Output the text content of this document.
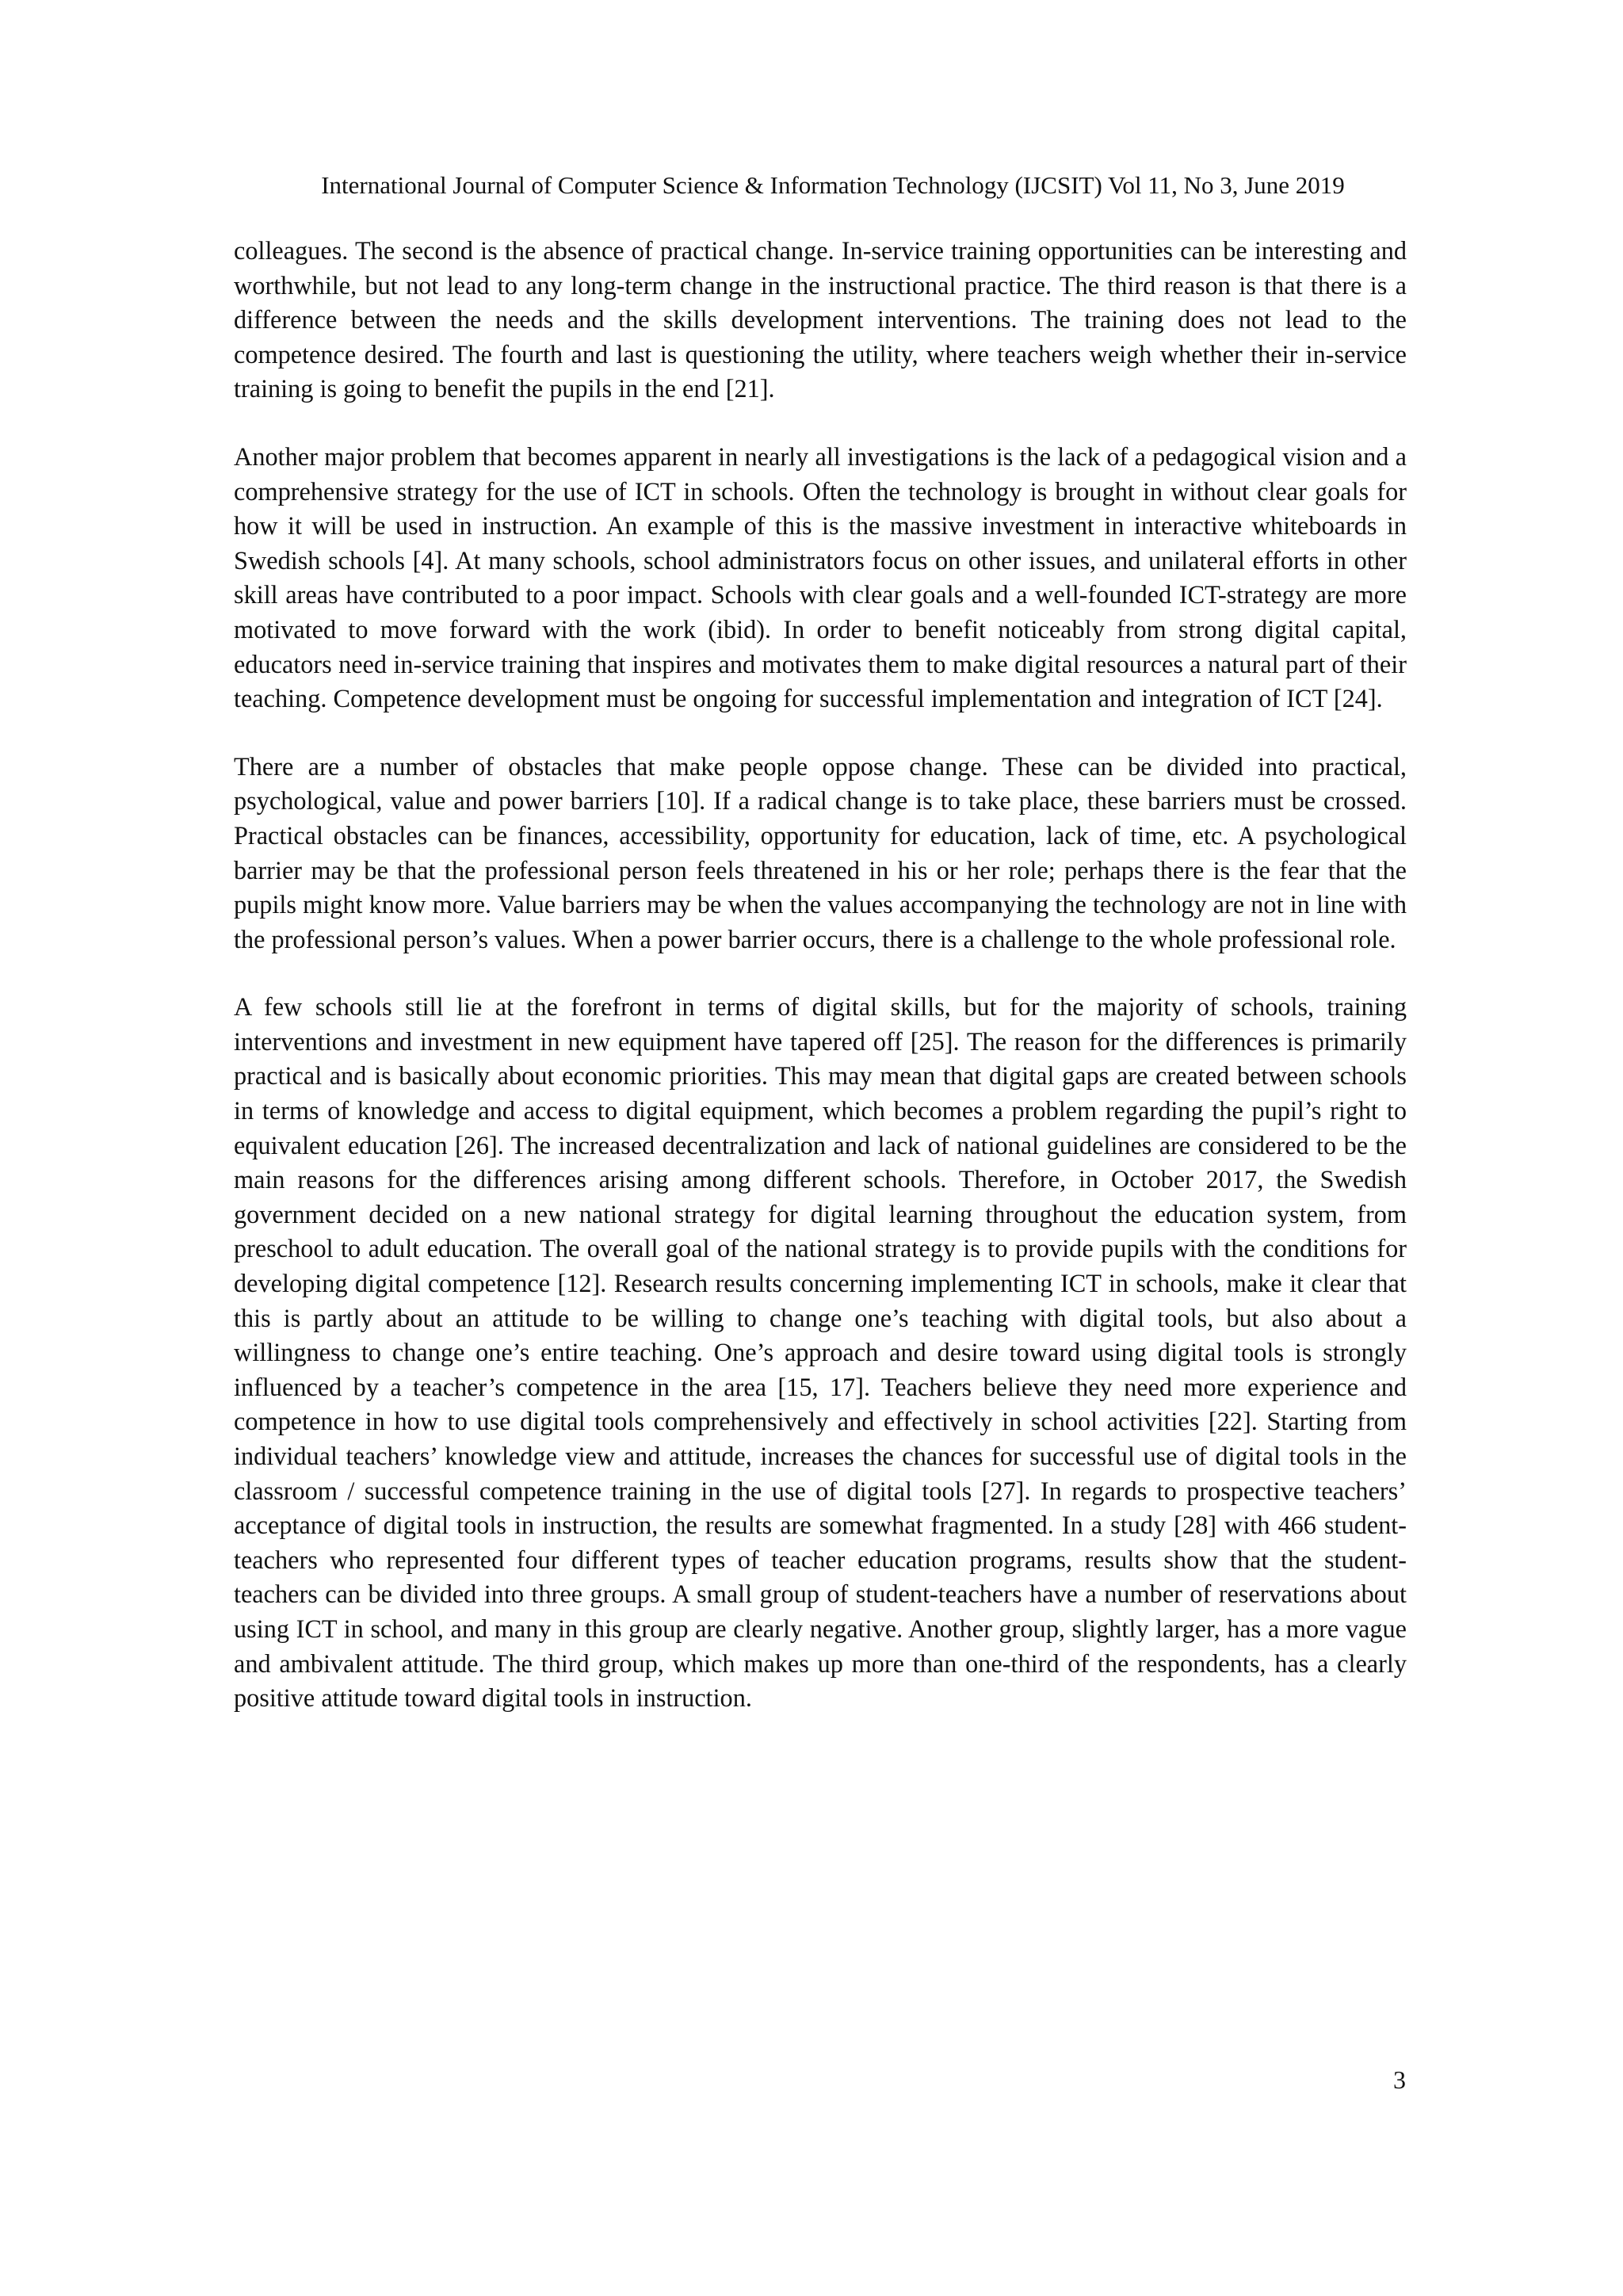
International Journal of Computer Science & Information Technology (IJCSIT) Vol 11, No 3, June 2019

colleagues. The second is the absence of practical change. In-service training opportunities can be interesting and worthwhile, but not lead to any long-term change in the instructional practice. The third reason is that there is a difference between the needs and the skills development interventions. The training does not lead to the competence desired. The fourth and last is questioning the utility, where teachers weigh whether their in-service training is going to benefit the pupils in the end [21].

Another major problem that becomes apparent in nearly all investigations is the lack of a pedagogical vision and a comprehensive strategy for the use of ICT in schools. Often the technology is brought in without clear goals for how it will be used in instruction. An example of this is the massive investment in interactive whiteboards in Swedish schools [4]. At many schools, school administrators focus on other issues, and unilateral efforts in other skill areas have contributed to a poor impact. Schools with clear goals and a well-founded ICT-strategy are more motivated to move forward with the work (ibid). In order to benefit noticeably from strong digital capital, educators need in-service training that inspires and motivates them to make digital resources a natural part of their teaching. Competence development must be ongoing for successful implementation and integration of ICT [24].

There are a number of obstacles that make people oppose change. These can be divided into practical, psychological, value and power barriers [10]. If a radical change is to take place, these barriers must be crossed. Practical obstacles can be finances, accessibility, opportunity for education, lack of time, etc. A psychological barrier may be that the professional person feels threatened in his or her role; perhaps there is the fear that the pupils might know more. Value barriers may be when the values accompanying the technology are not in line with the professional person’s values. When a power barrier occurs, there is a challenge to the whole professional role.

A few schools still lie at the forefront in terms of digital skills, but for the majority of schools, training interventions and investment in new equipment have tapered off [25]. The reason for the differences is primarily practical and is basically about economic priorities. This may mean that digital gaps are created between schools in terms of knowledge and access to digital equipment, which becomes a problem regarding the pupil’s right to equivalent education [26]. The increased decentralization and lack of national guidelines are considered to be the main reasons for the differences arising among different schools. Therefore, in October 2017, the Swedish government decided on a new national strategy for digital learning throughout the education system, from preschool to adult education. The overall goal of the national strategy is to provide pupils with the conditions for developing digital competence [12]. Research results concerning implementing ICT in schools, make it clear that this is partly about an attitude to be willing to change one’s teaching with digital tools, but also about a willingness to change one’s entire teaching. One’s approach and desire toward using digital tools is strongly influenced by a teacher’s competence in the area [15, 17]. Teachers believe they need more experience and competence in how to use digital tools comprehensively and effectively in school activities [22]. Starting from individual teachers’ knowledge view and attitude, increases the chances for successful use of digital tools in the classroom / successful competence training in the use of digital tools [27]. In regards to prospective teachers’ acceptance of digital tools in instruction, the results are somewhat fragmented. In a study [28] with 466 student-teachers who represented four different types of teacher education programs, results show that the student-teachers can be divided into three groups. A small group of student-teachers have a number of reservations about using ICT in school, and many in this group are clearly negative. Another group, slightly larger, has a more vague and ambivalent attitude. The third group, which makes up more than one-third of the respondents, has a clearly positive attitude toward digital tools in instruction.

3
